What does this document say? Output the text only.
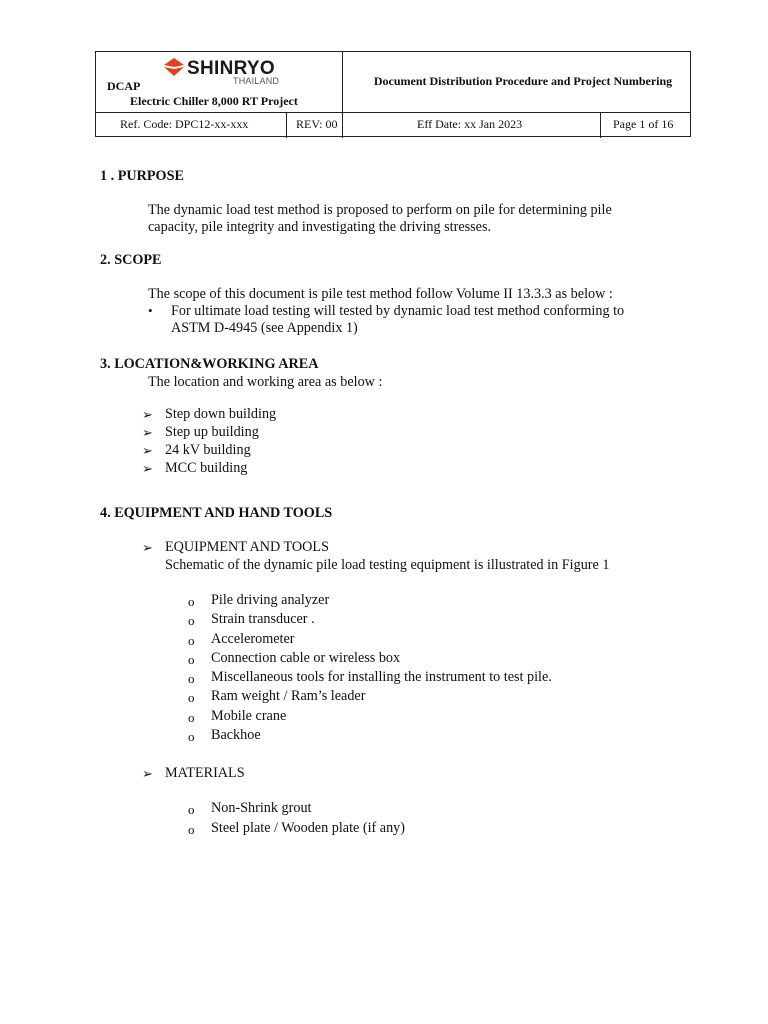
SHINRYO
THAILAND
DCAP
Electric Chiller 8,000 RT Project
Document Distribution Procedure and Project Numbering
Ref. Code: DPC12-xx-xxx	REV: 00	Eff Date: xx Jan 2023	Page 1 of 16
1 . PURPOSE
The dynamic load test method is proposed to perform on pile for determining pile
capacity, pile integrity and investigating the driving stresses.
2. SCOPE
The scope of this document is pile test method follow Volume II 13.3.3 as below :
• For ultimate load testing will tested by dynamic load test method conforming to
ASTM D-4945 (see Appendix 1)
3. LOCATION&WORKING AREA
The location and working area as below :
➢ Step down building
➢ Step up building
➢ 24 kV building
➢ MCC building
4. EQUIPMENT AND HAND TOOLS
➢ EQUIPMENT AND TOOLS
Schematic of the dynamic pile load testing equipment is illustrated in Figure 1
o Pile driving analyzer
o Strain transducer .
o Accelerometer
o Connection cable or wireless box
o Miscellaneous tools for installing the instrument to test pile.
o Ram weight / Ram’s leader
o Mobile crane
o Backhoe
➢ MATERIALS
o Non-Shrink grout
o Steel plate / Wooden plate (if any)
